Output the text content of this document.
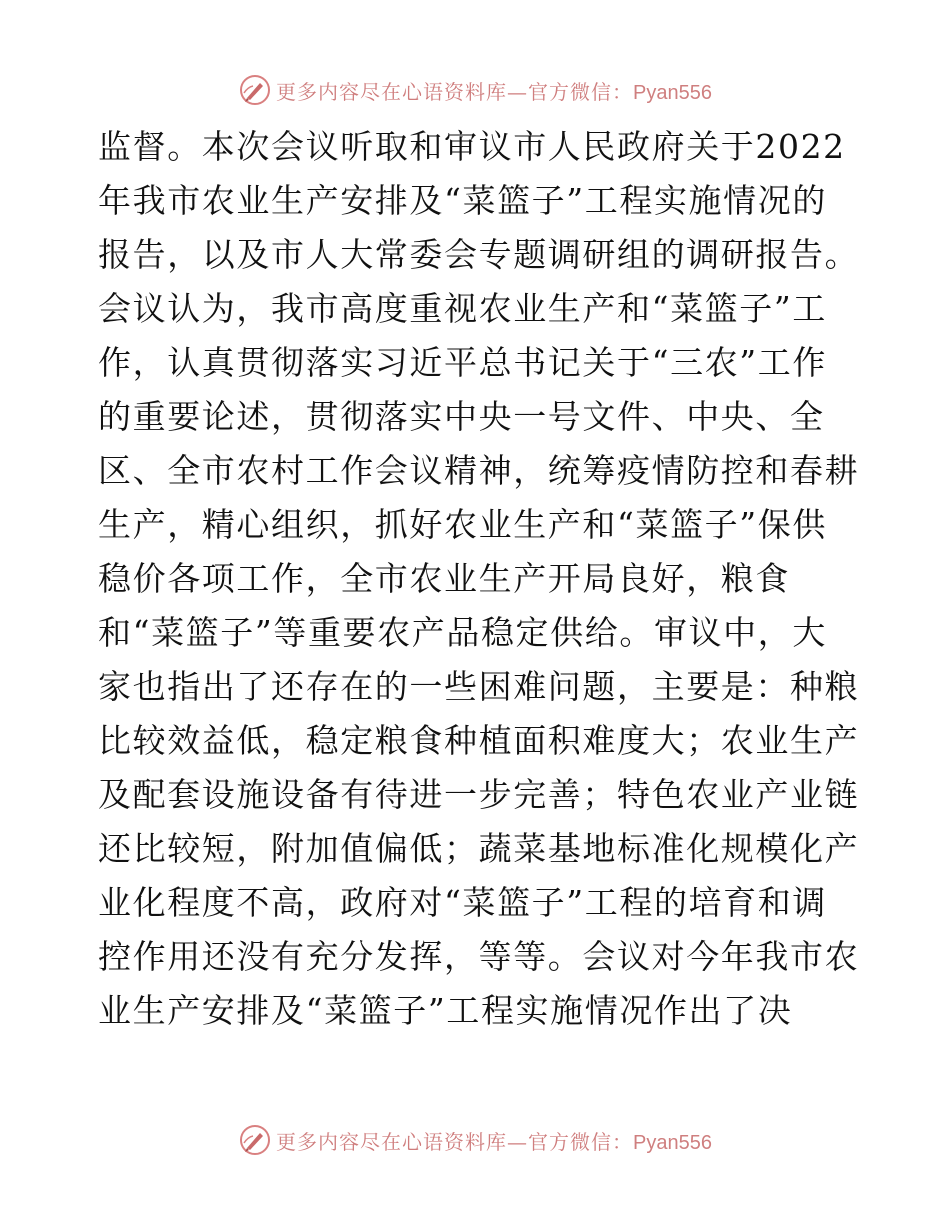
更多内容尽在心语资料库—官方微信：Pyan556
监督。本次会议听取和审议市人民政府关于2022
年我市农业生产安排及“菜篮子”工程实施情况的
报告，以及市人大常委会专题调研组的调研报告。
会议认为，我市高度重视农业生产和“菜篮子”工
作，认真贯彻落实习近平总书记关于“三农”工作
的重要论述，贯彻落实中央一号文件、中央、全
区、全市农村工作会议精神，统筹疫情防控和春耕
生产，精心组织，抓好农业生产和“菜篮子”保供
稳价各项工作，全市农业生产开局良好，粮食
和“菜篮子”等重要农产品稳定供给。审议中，大
家也指出了还存在的一些困难问题，主要是：种粮
比较效益低，稳定粮食种植面积难度大；农业生产
及配套设施设备有待进一步完善；特色农业产业链
还比较短，附加值偏低；蔬菜基地标准化规模化产
业化程度不高，政府对“菜篮子”工程的培育和调
控作用还没有充分发挥，等等。会议对今年我市农
业生产安排及“菜篮子”工程实施情况作出了决
更多内容尽在心语资料库—官方微信：Pyan556
